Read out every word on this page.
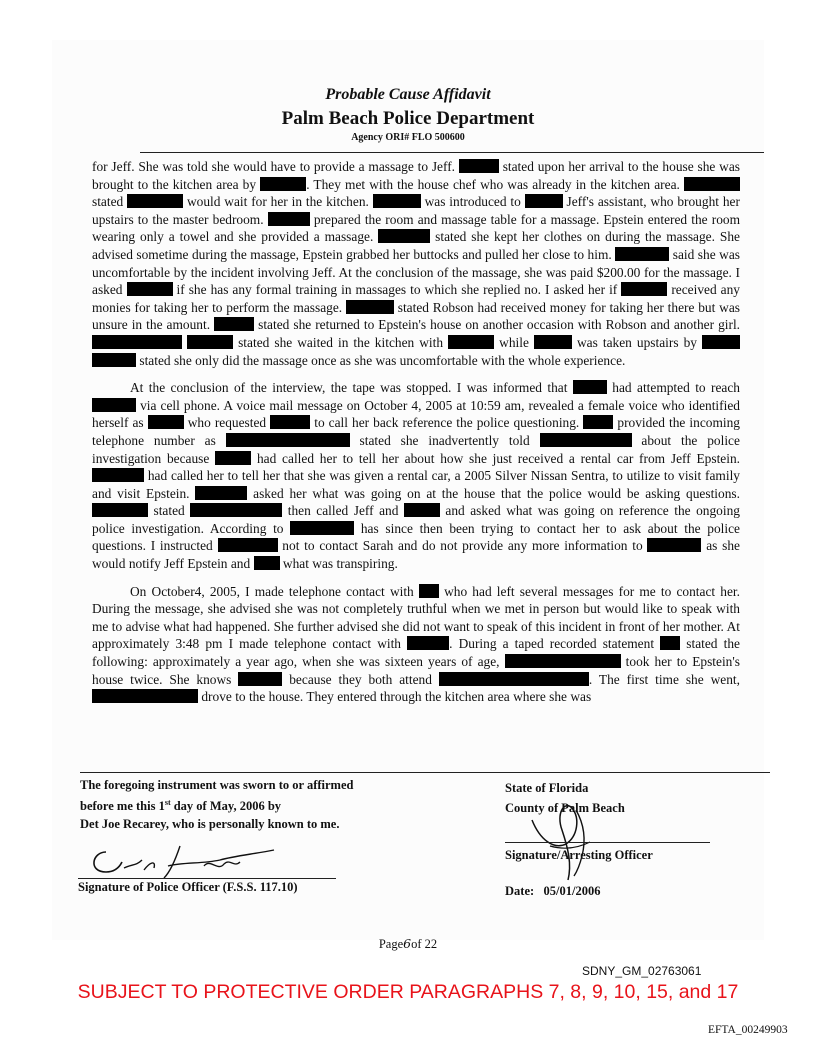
Probable Cause Affidavit
Palm Beach Police Department
Agency ORI# FLO 500600

for Jeff. She was told she would have to provide a massage to Jeff.	stated upon her arrival to the house she was brought to the kitchen area by	. They met with the house chef who was already in the kitchen area.  stated	would wait for her in the kitchen.	was introduced to	Jeff's assistant, who brought her upstairs to the master bedroom.	prepared the room and massage table for a massage. Epstein entered the room wearing only a towel and she provided a massage.	stated she kept her clothes on during the massage. She advised sometime during the massage, Epstein grabbed her buttocks and pulled her close to him.	said she was uncomfortable by the incident involving Jeff. At the conclusion of the massage, she was paid $200.00 for the massage. I asked	if she has any formal training in massages to which she replied no. I asked her if	received any monies for taking her to perform the massage.	stated Robson had received money for taking her there but was unsure in the amount.	stated she returned to Epstein's house on another occasion with Robson and another girl.   stated she waited in the kitchen with	while	was taken upstairs by   stated she only did the massage once as she was uncomfortable with the whole experience.

At the conclusion of the interview, the tape was stopped. I was informed that	had attempted to reach  via cell phone. A voice mail message on October 4, 2005 at 10:59 am, revealed a female voice who identified herself as	who requested	to call her back reference the police questioning.	provided the incoming telephone number as	stated she inadvertently told	about the police investigation because	had called her to tell her about how she just received a rental car from Jeff Epstein.  had called her to tell her that she was given a rental car, a 2005 Silver Nissan Sentra, to utilize to visit family and visit Epstein.	asked her what was going on at the house that the police would be asking questions.  stated	then called Jeff and	and asked what was going on reference the ongoing police investigation. According to	has since then been trying to contact her to ask about the police questions. I instructed	not to contact Sarah and do not provide any more information to	as she would notify Jeff Epstein and what was transpiring.

On October4, 2005, I made telephone contact with who had left several messages for me to contact her. During the message, she advised she was not completely truthful when we met in person but would like to speak with me to advise what had happened. She further advised she did not want to speak of this incident in front of her mother. At approximately 3:48 pm I made telephone contact with	. During a taped recorded statement stated the following: approximately a year ago, when she was sixteen years of age,	took her to Epstein's house twice. She knows	because they both attend	. The first time she went,  drove to the house. They entered through the kitchen area where she was

The foregoing instrument was sworn to or affirmed
before me this 1st day of May, 2006 by
Det Joe Recarey, who is personally known to me.
State of Florida
County of Palm Beach
Signature of Police Officer (F.S.S. 117.10)
Signature/Arresting Officer
Date: 05/01/2006
Page6of 22
SDNY_GM_02763061
SUBJECT TO PROTECTIVE ORDER PARAGRAPHS 7, 8, 9, 10, 15, and 17
EFTA_00249903
